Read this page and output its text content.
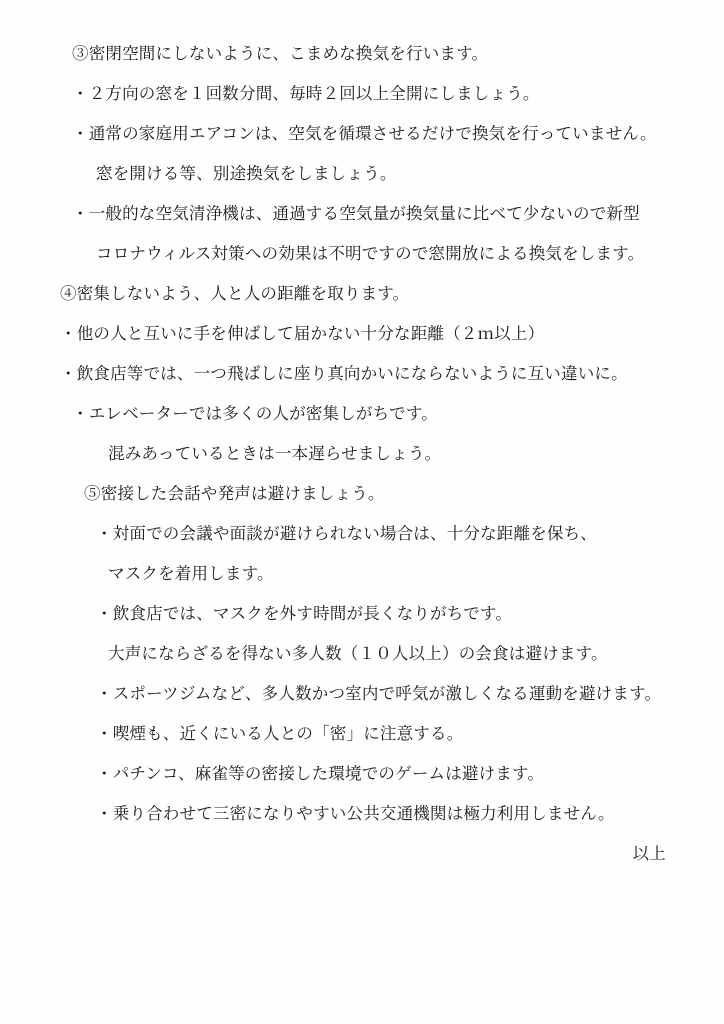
③密閉空間にしないように、こまめな換気を行います。
・２方向の窓を１回数分間、毎時２回以上全開にしましょう。
・通常の家庭用エアコンは、空気を循環させるだけで換気を行っていません。
窓を開ける等、別途換気をしましょう。
・一般的な空気清浄機は、通過する空気量が換気量に比べて少ないので新型
コロナウィルス対策への効果は不明ですので窓開放による換気をします。
④密集しないよう、人と人の距離を取ります。
・他の人と互いに手を伸ばして届かない十分な距離（２ｍ以上）
・飲食店等では、一つ飛ばしに座り真向かいにならないように互い違いに。
・エレベーターでは多くの人が密集しがちです。
混みあっているときは一本遅らせましょう。
⑤密接した会話や発声は避けましょう。
・対面での会議や面談が避けられない場合は、十分な距離を保ち、
マスクを着用します。
・飲食店では、マスクを外す時間が長くなりがちです。
大声にならざるを得ない多人数（１０人以上）の会食は避けます。
・スポーツジムなど、多人数かつ室内で呼気が激しくなる運動を避けます。
・喫煙も、近くにいる人との「密」に注意する。
・パチンコ、麻雀等の密接した環境でのゲームは避けます。
・乗り合わせて三密になりやすい公共交通機関は極力利用しません。
以上
